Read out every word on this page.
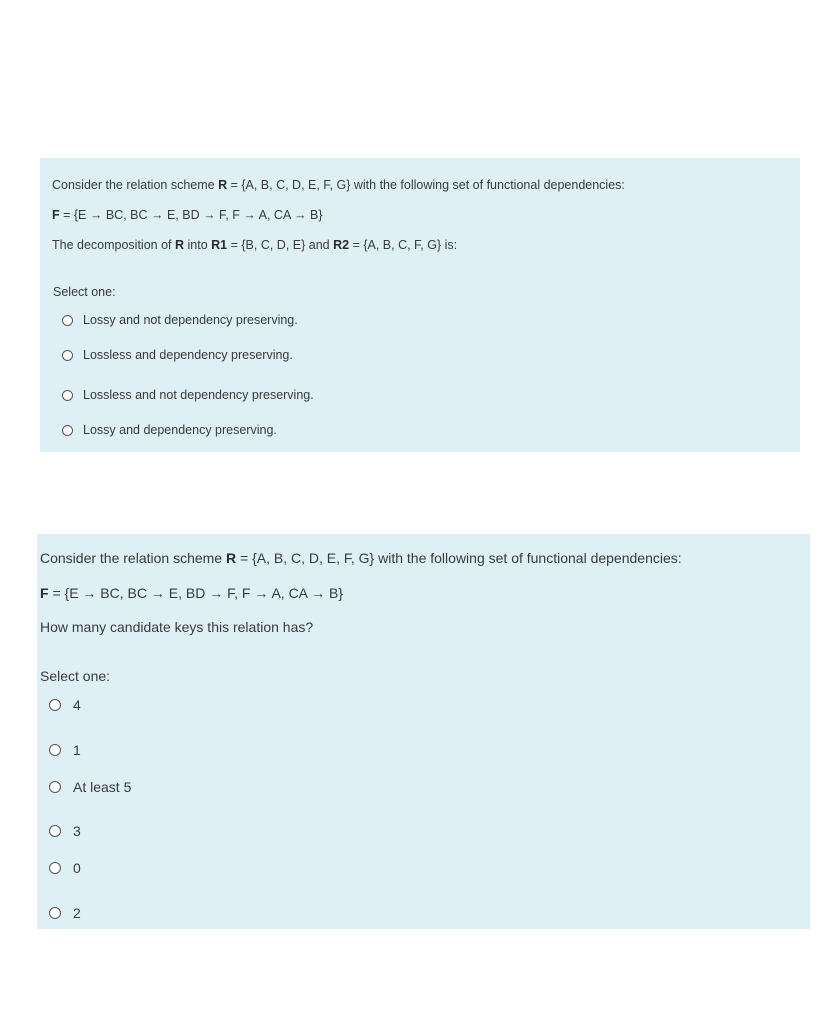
Consider the relation scheme R = {A, B, C, D, E, F, G} with the following set of functional dependencies:
F = {E → BC, BC → E, BD → F, F → A, CA → B}
The decomposition of R into R1 = {B, C, D, E} and R2 = {A, B, C, F, G} is:
Select one:
Lossy and not dependency preserving.
Lossless and dependency preserving.
Lossless and not dependency preserving.
Lossy and dependency preserving.
Consider the relation scheme R = {A, B, C, D, E, F, G} with the following set of functional dependencies:
F = {E → BC, BC → E, BD → F, F → A, CA → B}
How many candidate keys this relation has?
Select one:
4
1
At least 5
3
0
2
